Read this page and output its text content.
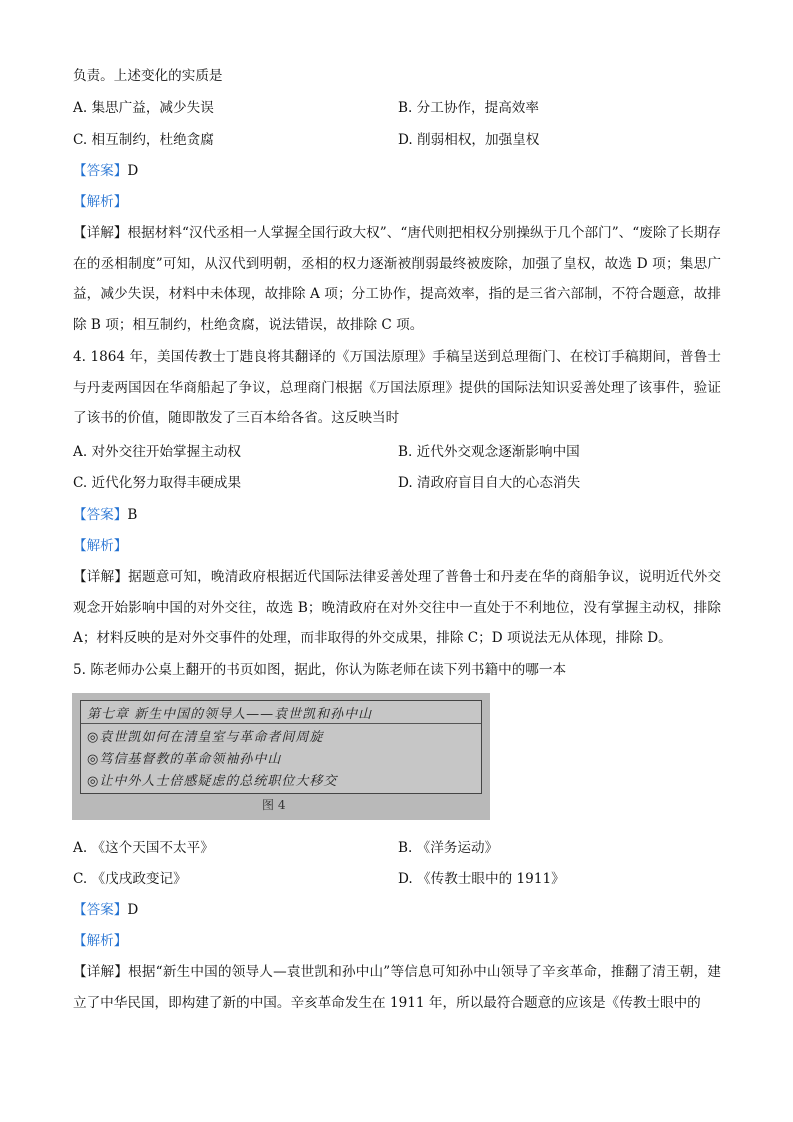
负责。上述变化的实质是
A. 集思广益，减少失误	B. 分工协作，提高效率
C. 相互制约，杜绝贪腐	D. 削弱相权，加强皇权
【答案】D
【解析】
【详解】根据材料“汉代丞相一人掌握全国行政大权”、“唐代则把相权分别操纵于几个部门”、“废除了长期存在的丞相制度”可知，从汉代到明朝，丞相的权力逐渐被削弱最终被废除，加强了皇权，故选 D 项；集思广益，减少失误，材料中未体现，故排除 A 项；分工协作，提高效率，指的是三省六部制，不符合题意，故排除 B 项；相互制约，杜绝贪腐，说法错误，故排除 C 项。
4. 1864 年，美国传教士丁韪良将其翻译的《万国法原理》手稿呈送到总理衙门、在校订手稿期间，普鲁士与丹麦两国因在华商船起了争议，总理商门根据《万国法原理》提供的国际法知识妥善处理了该事件，验证了该书的价值，随即散发了三百本给各省。这反映当时
A. 对外交往开始掌握主动权	B. 近代外交观念逐渐影响中国
C. 近代化努力取得丰硬成果	D. 清政府盲目自大的心态消失
【答案】B
【解析】
【详解】据题意可知，晚清政府根据近代国际法律妥善处理了普鲁士和丹麦在华的商船争议，说明近代外交观念开始影响中国的对外交往，故选 B；晚清政府在对外交往中一直处于不利地位，没有掌握主动权，排除 A；材料反映的是对外交事件的处理，而非取得的外交成果，排除 C；D 项说法无从体现，排除 D。
5. 陈老师办公桌上翻开的书页如图，据此，你认为陈老师在读下列书籍中的哪一本
第七章 新生中国的领导人——袁世凯和孙中山
◎袁世凯如何在清皇室与革命者间周旋
◎笃信基督教的革命领袖孙中山
◎让中外人士倍感疑虑的总统职位大移交
图 4
A. 《这个天国不太平》	B. 《洋务运动》
C. 《戊戌政变记》	D. 《传教士眼中的 1911》
【答案】D
【解析】
【详解】根据“新生中国的领导人—袁世凯和孙中山”等信息可知孙中山领导了辛亥革命，推翻了清王朝，建立了中华民国，即构建了新的中国。辛亥革命发生在 1911 年，所以最符合题意的应该是《传教士眼中的
